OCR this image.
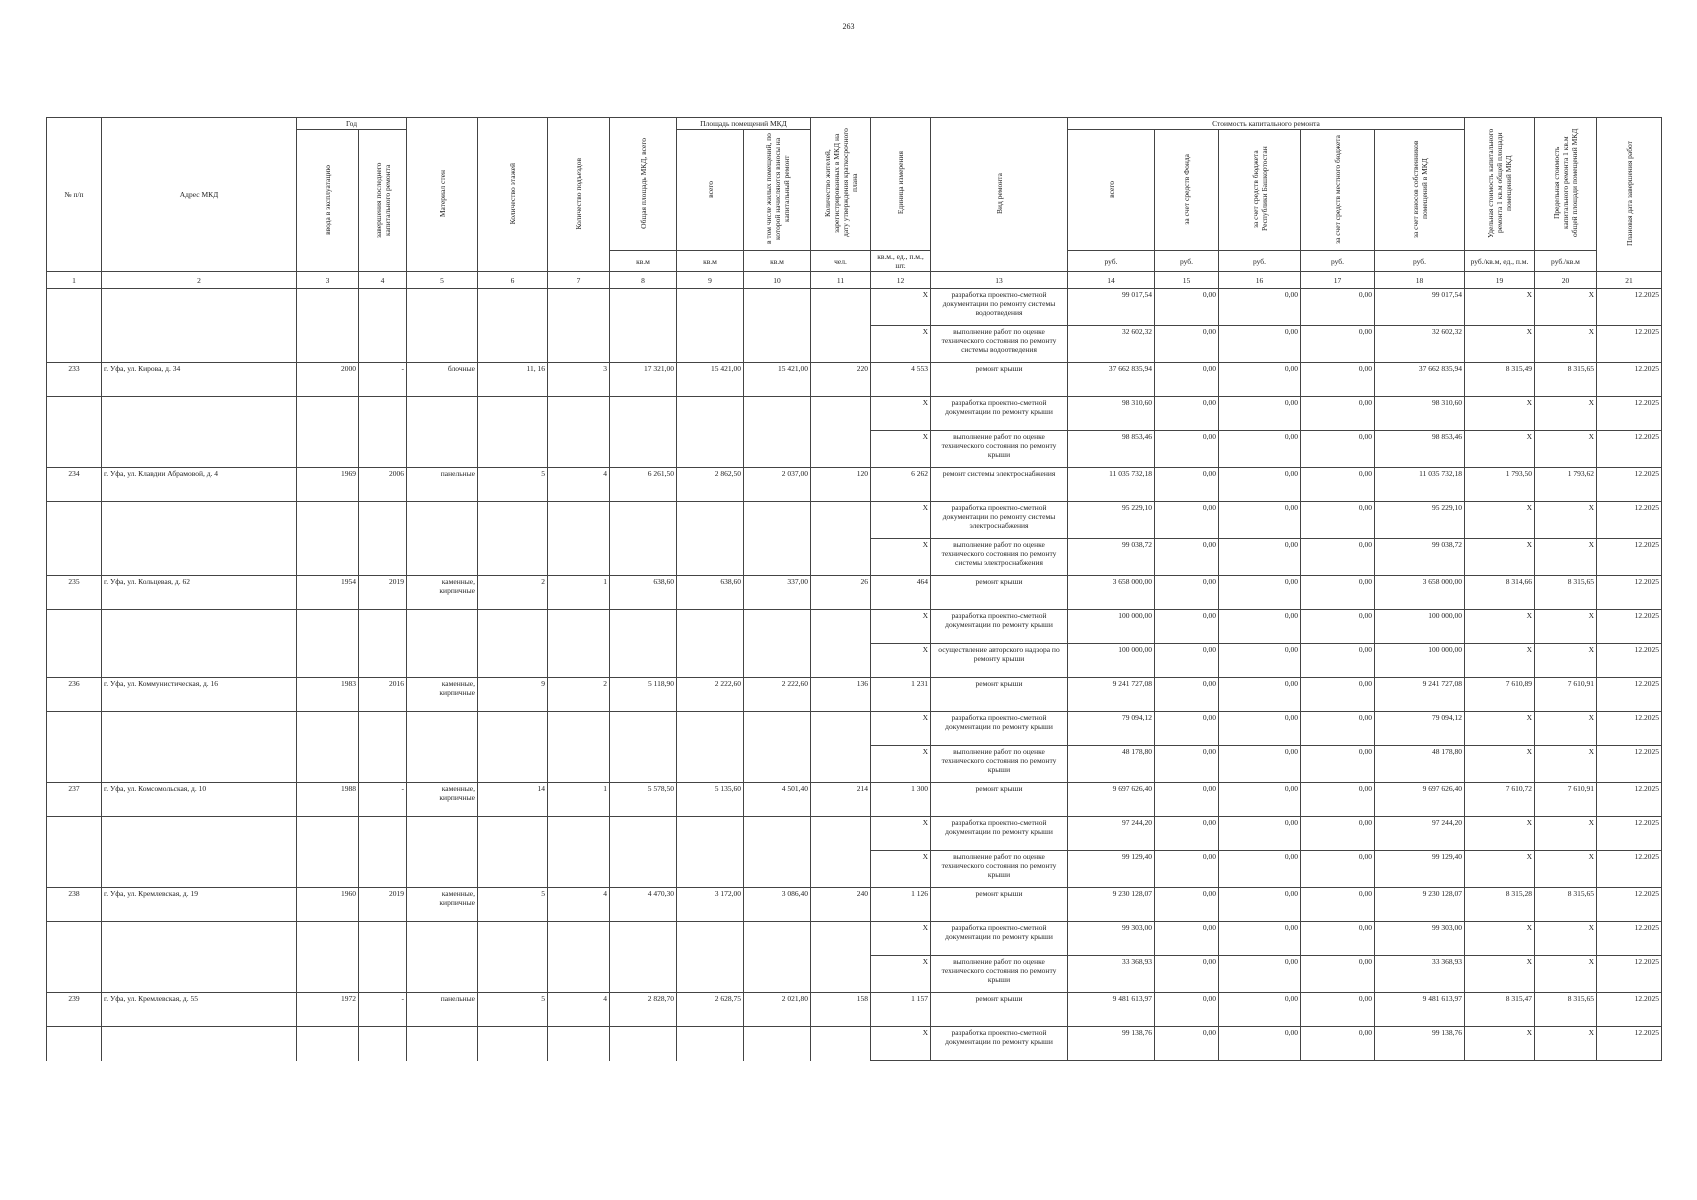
263
№ п/п	Адрес МКД	Год		Материал стен	Количество этажей	Количество подъездов	Общая площадь МКД, всего	Площадь помещений МКД		Количество жителей, зарегистрированных в МКД на дату утверждения краткосрочного плана	Единица измерения	Вид ремонта	Стоимость капитального ремонта					Удельная стоимость капитального ремонта 1 кв.м общей площади помещений МКД	Предельная стоимость капитального ремонта 1 кв.м общей площади помещений МКД	Плановая дата завершения работ
		ввода в эксплуатацию	завершения последнего капитального ремонта					всего	в том числе жилых помещений, по которой начисляются взносы на капитальный ремонт				всего	за счет средств Фонда	за счет средств бюджета Республики Башкортостан	за счет средств местного бюджета	за счет взносов собственников помещений в МКД			
							кв.м	кв.м	кв.м	чел.	кв.м., ед., п.м., шт.		руб.	руб.	руб.	руб.	руб.	руб./кв.м, ед., п.м.	руб./кв.м	
1	2	3	4	5	6	7	8	9	10	11	12	13	14	15	16	17	18	19	20	21
											X	разработка проектно-сметной документации по ремонту системы водоотведения	99 017,54	0,00	0,00	0,00	99 017,54	X	X	12.2025
											X	выполнение работ по оценке технического состояния по ремонту системы водоотведения	32 602,32	0,00	0,00	0,00	32 602,32	X	X	12.2025
233	г. Уфа, ул. Кирова, д. 34	2000	-	блочные	11, 16	3	17 321,00	15 421,00	15 421,00	220	4 553	ремонт крыши	37 662 835,94	0,00	0,00	0,00	37 662 835,94	8 315,49	8 315,65	12.2025
											X	разработка проектно-сметной документации по ремонту крыши	98 310,60	0,00	0,00	0,00	98 310,60	X	X	12.2025
											X	выполнение работ по оценке технического состояния по ремонту крыши	98 853,46	0,00	0,00	0,00	98 853,46	X	X	12.2025
234	г. Уфа, ул. Клавдии Абрамовой, д. 4	1969	2006	панельные	5	4	6 261,50	2 862,50	2 037,00	120	6 262	ремонт системы электроснабжения	11 035 732,18	0,00	0,00	0,00	11 035 732,18	1 793,50	1 793,62	12.2025
											X	разработка проектно-сметной документации по ремонту системы электроснабжения	95 229,10	0,00	0,00	0,00	95 229,10	X	X	12.2025
											X	выполнение работ по оценке технического состояния по ремонту системы электроснабжения	99 038,72	0,00	0,00	0,00	99 038,72	X	X	12.2025
235	г. Уфа, ул. Кольцевая, д. 62	1954	2019	каменные, кирпичные	2	1	638,60	638,60	337,00	26	464	ремонт крыши	3 658 000,00	0,00	0,00	0,00	3 658 000,00	8 314,66	8 315,65	12.2025
											X	разработка проектно-сметной документации по ремонту крыши	100 000,00	0,00	0,00	0,00	100 000,00	X	X	12.2025
											X	осуществление авторского надзора по ремонту крыши	100 000,00	0,00	0,00	0,00	100 000,00	X	X	12.2025
236	г. Уфа, ул. Коммунистическая, д. 16	1983	2016	каменные, кирпичные	9	2	5 118,90	2 222,60	2 222,60	136	1 231	ремонт крыши	9 241 727,08	0,00	0,00	0,00	9 241 727,08	7 610,89	7 610,91	12.2025
											X	разработка проектно-сметной документации по ремонту крыши	79 094,12	0,00	0,00	0,00	79 094,12	X	X	12.2025
											X	выполнение работ по оценке технического состояния по ремонту крыши	48 178,80	0,00	0,00	0,00	48 178,80	X	X	12.2025
237	г. Уфа, ул. Комсомольская, д. 10	1988	-	каменные, кирпичные	14	1	5 578,50	5 135,60	4 501,40	214	1 300	ремонт крыши	9 697 626,40	0,00	0,00	0,00	9 697 626,40	7 610,72	7 610,91	12.2025
											X	разработка проектно-сметной документации по ремонту крыши	97 244,20	0,00	0,00	0,00	97 244,20	X	X	12.2025
											X	выполнение работ по оценке технического состояния по ремонту крыши	99 129,40	0,00	0,00	0,00	99 129,40	X	X	12.2025
238	г. Уфа, ул. Кремлевская, д. 19	1960	2019	каменные, кирпичные	5	4	4 470,30	3 172,00	3 086,40	240	1 126	ремонт крыши	9 230 128,07	0,00	0,00	0,00	9 230 128,07	8 315,28	8 315,65	12.2025
											X	разработка проектно-сметной документации по ремонту крыши	99 303,00	0,00	0,00	0,00	99 303,00	X	X	12.2025
											X	выполнение работ по оценке технического состояния по ремонту крыши	33 368,93	0,00	0,00	0,00	33 368,93	X	X	12.2025
239	г. Уфа, ул. Кремлевская, д. 55	1972	-	панельные	5	4	2 828,70	2 628,75	2 021,80	158	1 157	ремонт крыши	9 481 613,97	0,00	0,00	0,00	9 481 613,97	8 315,47	8 315,65	12.2025
											X	разработка проектно-сметной документации по ремонту крыши	99 138,76	0,00	0,00	0,00	99 138,76	X	X	12.2025
